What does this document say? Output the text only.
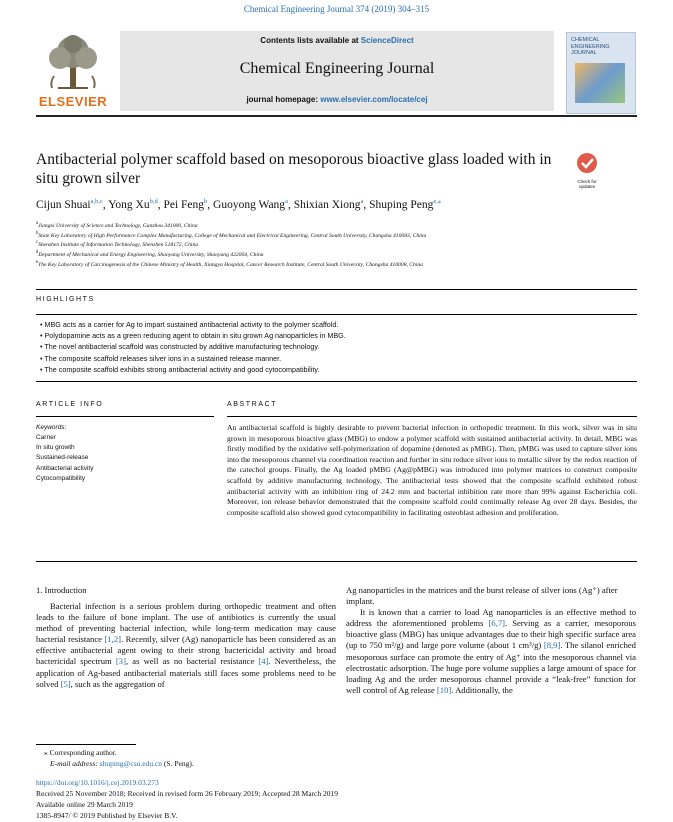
Chemical Engineering Journal 374 (2019) 304–315
ELSEVIER
Contents lists available at ScienceDirect
Chemical Engineering Journal
journal homepage: www.elsevier.com/locate/cej
CHEMICAL ENGINEERING JOURNAL
Antibacterial polymer scaffold based on mesoporous bioactive glass loaded with in situ grown silver	Check for updates
Cijun Shuai$^{a,b,c}$, Yong Xu$^{b,d}$, Pei Feng$^b$, Guoyong Wang$^a$, Shixian Xiong$^a$, Shuping Peng$^{e,⁎}$
$^a$Jiangxi University of Science and Technology, Ganzhou 341000, China
$^b$State Key Laboratory of High Performance Complex Manufacturing, College of Mechanical and Electrical Engineering, Central South University, Changsha 410083, China
$^c$Shenzhen Institute of Information Technology, Shenzhen 518172, China
$^d$Department of Mechanical and Energy Engineering, Shaoyang University, Shaoyang 422004, China
$^e$The Key Laboratory of Carcinogenesis of the Chinese Ministry of Health, Xiangya Hospital, Cancer Research Institute, Central South University, Changsha 410008, China
HIGHLIGHTS
• MBG acts as a carrier for Ag to impart sustained antibacterial activity to the polymer scaffold.
• Polydopamine acts as a green reducing agent to obtain in situ grown Ag nanoparticles in MBG.
• The novel antibacterial scaffold was constructed by additive manufacturing technology.
• The composite scaffold releases silver ions in a sustained release manner.
• The composite scaffold exhibits strong antibacterial activity and good cytocompatibility.
ARTICLE INFO
Keywords:
Carrier
In situ growth
Sustained-release
Antibacterial activity
Cytocompatibility
ABSTRACT
An antibacterial scaffold is highly desirable to prevent bacterial infection in orthopedic treatment. In this work, silver was in situ grown in mesoporous bioactive glass (MBG) to endow a polymer scaffold with sustained antibacterial activity. In detail, MBG was firstly modified by the oxidative self-polymerization of dopamine (denoted as pMBG). Then, pMBG was used to capture silver ions into the mesoporous channel via coordination reaction and further in situ reduce silver ions to metallic silver by the redox reaction of the catechol groups. Finally, the Ag loaded pMBG (Ag@pMBG) was introduced into polymer matrices to construct composite scaffold by additive manufacturing technology. The antibacterial tests showed that the composite scaffold exhibited robust antibacterial activity with an inhibition ring of 24.2 mm and bacterial inhibition rate more than 99% against Escherichia coli. Moreover, ion release behavior demonstrated that the composite scaffold could continually release Ag over 28 days. Besides, the composite scaffold also showed good cytocompatibility in facilitating osteoblast adhesion and proliferation.
1. Introduction
Bacterial infection is a serious problem during orthopedic treatment and often leads to the failure of bone implant. The use of antibiotics is currently the usual method of preventing bacterial infection, while long-term medication may cause bacterial resistance [1,2]. Recently, silver (Ag) nanoparticle has been considered as an effective antibacterial agent owing to their strong bactericidal activity and broad bactericidal spectrum [3], as well as no bacterial resistance [4]. Nevertheless, the application of Ag-based antibacterial materials still faces some problems need to be solved [5], such as the aggregation of
Ag nanoparticles in the matrices and the burst release of silver ions (Ag⁺) after implant.
It is known that a carrier to load Ag nanoparticles is an effective method to address the aforementioned problems [6,7]. Serving as a carrier, mesoporous bioactive glass (MBG) has unique advantages due to their high specific surface area (up to 750 m²/g) and large pore volume (about 1 cm³/g) [8,9]. The silanol enriched mesoporous surface can promote the entry of Ag⁺ into the mesoporous channel via electrostatic adsorption. The huge pore volume supplies a large amount of space for loading Ag and the order mesoporous channel provide a “leak-free” function for well control of Ag release [10]. Additionally, the
⁎ Corresponding author.
E-mail address: shuping@csu.edu.cn (S. Peng).
https://doi.org/10.1016/j.cej.2019.03.273
Received 25 November 2018; Received in revised form 26 February 2019; Accepted 28 March 2019
Available online 29 March 2019
1385-8947/ © 2019 Published by Elsevier B.V.
